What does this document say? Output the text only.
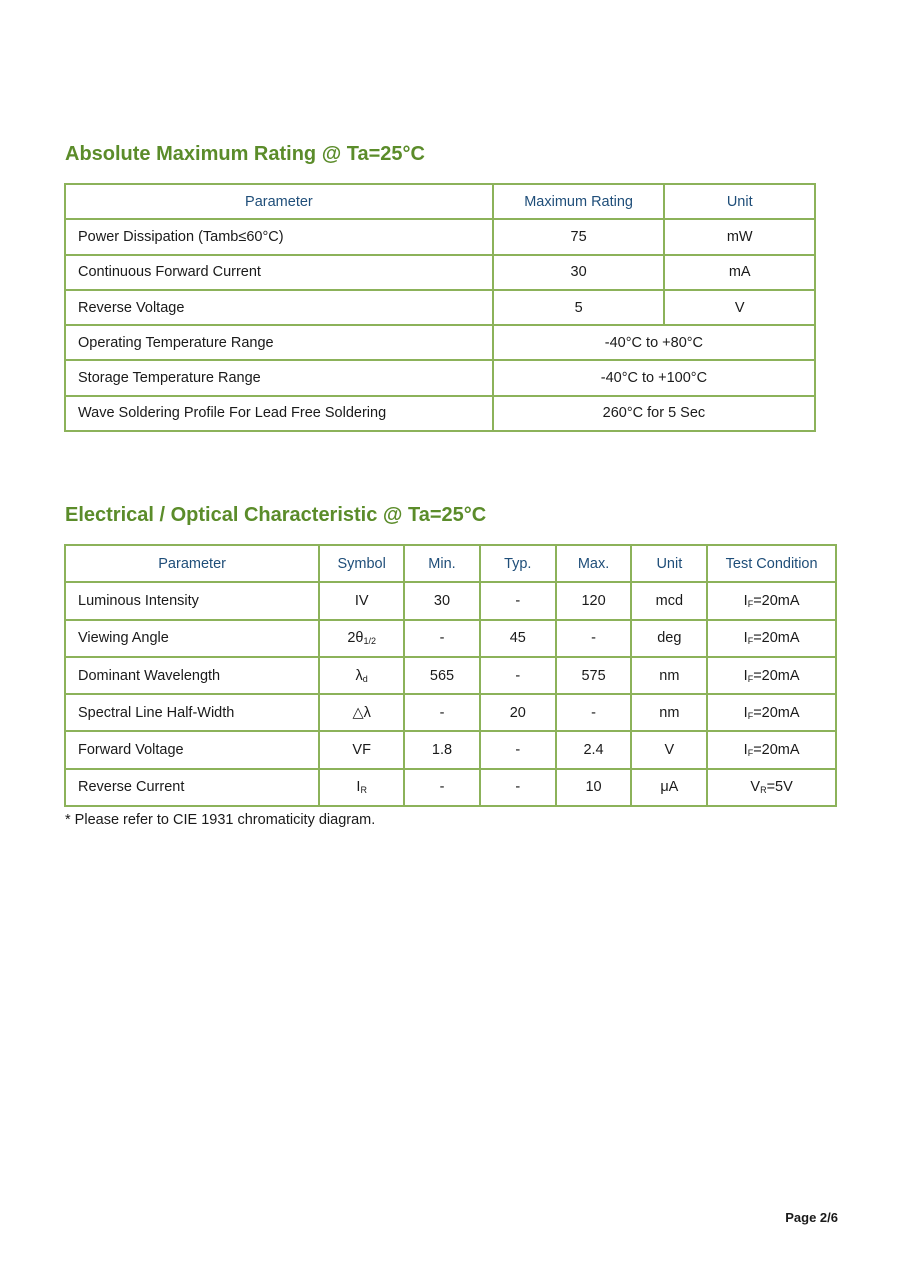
Absolute Maximum Rating @ Ta=25°C
Parameter	Maximum Rating	Unit
Power Dissipation (Tamb≤60°C)	75	mW
Continuous Forward Current	30	mA
Reverse Voltage	5	V
Operating Temperature Range	-40°C to +80°C	
Storage Temperature Range	-40°C to +100°C	
Wave Soldering Profile For Lead Free Soldering	260°C for 5 Sec	
Electrical / Optical Characteristic @ Ta=25°C
Parameter	Symbol	Min.	Typ.	Max.	Unit	Test Condition
Luminous Intensity	IV	30	-	120	mcd	$I_F=20mA$
Viewing Angle	$2\theta_{1/2}$	-	45	-	deg	$I_F=20mA$
Dominant Wavelength	$\lambda_d$	565	-	575	nm	$I_F=20mA$
Spectral Line Half-Width	△λ	-	20	-	nm	$I_F=20mA$
Forward Voltage	VF	1.8	-	2.4	V	$I_F=20mA$
Reverse Current	$I_R$	-	-	10	μA	$V_R=5V$

* Please refer to CIE 1931 chromaticity diagram.

Page 2/6
